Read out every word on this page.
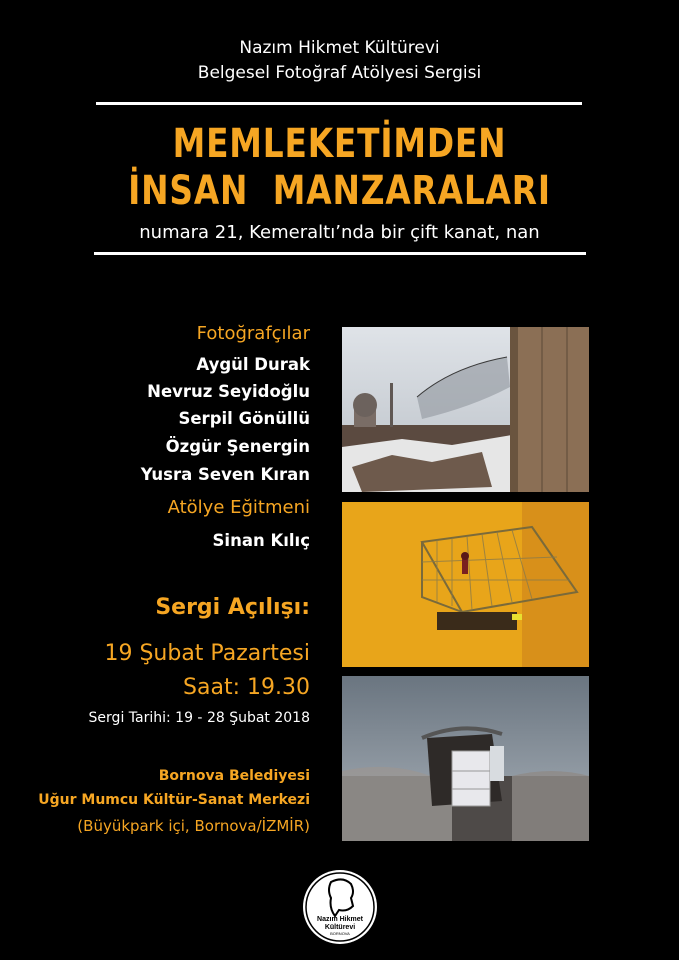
Nazım Hikmet Kültürevi
Belgesel Fotoğraf Atölyesi Sergisi
MEMLEKETİMDEN
İNSAN  MANZARALARI
numara 21, Kemeraltı’nda bir çift kanat, nan
Fotoğrafçılar
Aygül Durak
Nevruz Seyidoğlu
Serpil Gönüllü
Özgür Şenergin
Yusra Seven Kıran
Atölye Eğitmeni
Sinan Kılıç
Sergi Açılışı:
19 Şubat Pazartesi
Saat: 19.30
Sergi Tarihi: 19 - 28 Şubat 2018
Bornova Belediyesi
Uğur Mumcu Kültür-Sanat Merkezi
(Büyükpark içi, Bornova/İZMİR)
Nazım Hikmet
Kültürevi
BORNOVA
